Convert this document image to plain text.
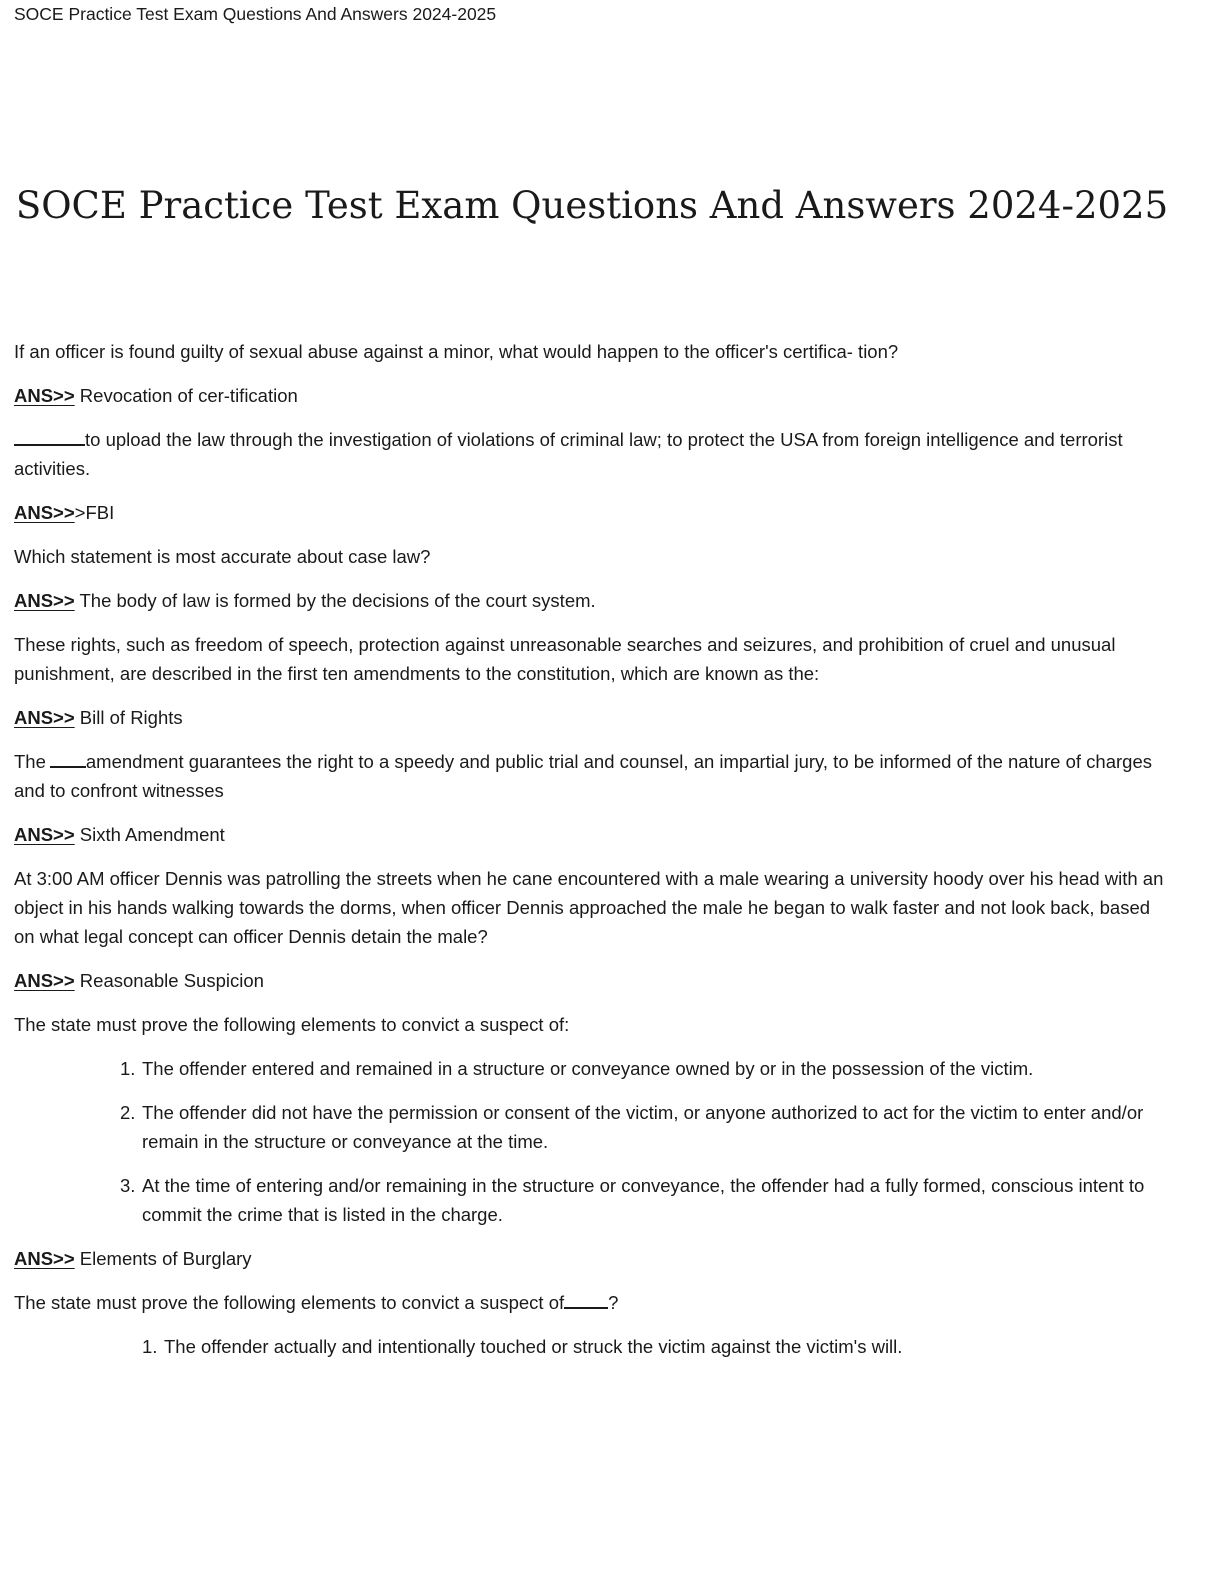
SOCE Practice Test Exam Questions And Answers 2024-2025
SOCE Practice Test Exam Questions And Answers 2024-2025

If an officer is found guilty of sexual abuse against a minor, what would happen to the officer's certifica- tion?

ANS>> Revocation of cer-tification

to upload the law through the investigation of violations of criminal law; to protect the USA from foreign intelligence and terrorist activities.

ANS>>>FBI

Which statement is most accurate about case law?

ANS>> The body of law is formed by the decisions of the court system.

These rights, such as freedom of speech, protection against unreasonable searches and seizures, and prohibition of cruel and unusual punishment, are described in the first ten amendments to the constitution, which are known as the:

ANS>> Bill of Rights

The amendment guarantees the right to a speedy and public trial and counsel, an impartial jury, to be informed of the nature of charges and to confront witnesses

ANS>> Sixth Amendment

At 3:00 AM officer Dennis was patrolling the streets when he cane encountered with a male wearing a university hoody over his head with an object in his hands walking towards the dorms, when officer Dennis approached the male he began to walk faster and not look back, based on what legal concept can officer Dennis detain the male?

ANS>> Reasonable Suspicion

The state must prove the following elements to convict a suspect of:

1. The offender entered and remained in a structure or conveyance owned by or in the possession of the victim.
2. The offender did not have the permission or consent of the victim, or anyone authorized to act for the victim to enter and/or remain in the structure or conveyance at the time.
3. At the time of entering and/or remaining in the structure or conveyance, the offender had a fully formed, conscious intent to commit the crime that is listed in the charge.

ANS>> Elements of Burglary

The state must prove the following elements to convict a suspect of ?

1. The offender actually and intentionally touched or struck the victim against the victim's will.
